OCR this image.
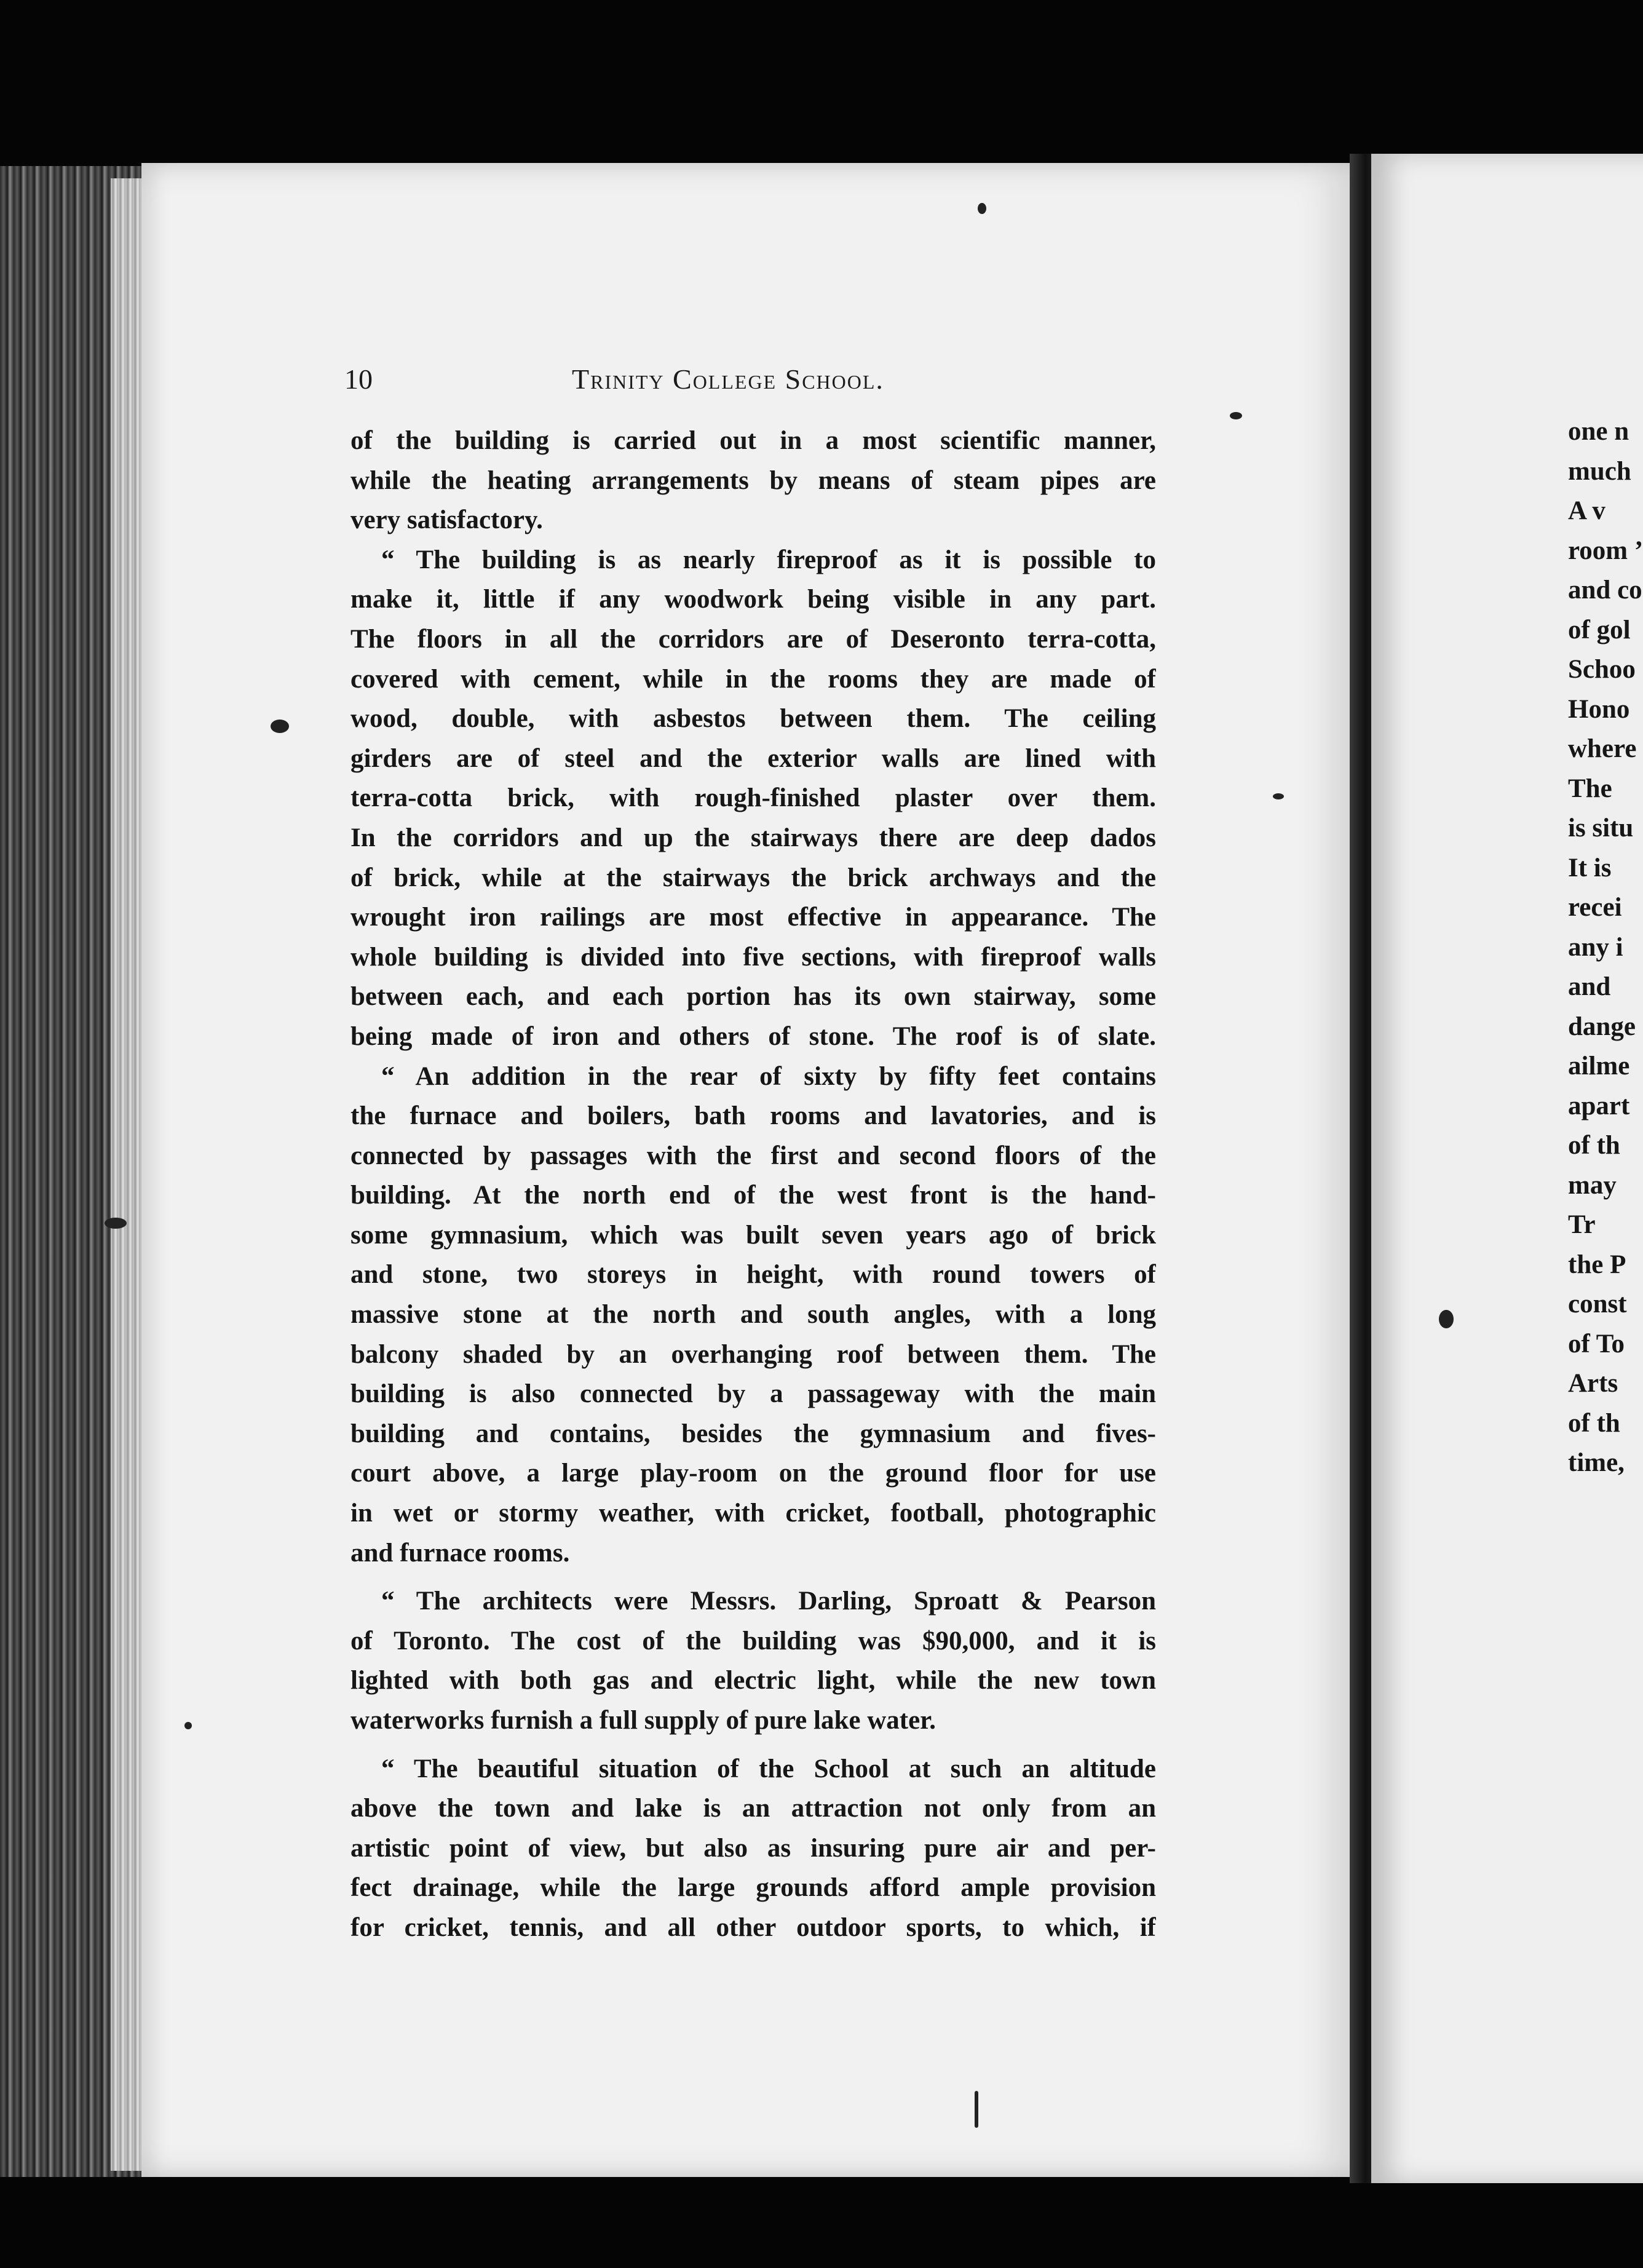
10	Trinity College School.
of the building is carried out in a most scientific manner,
while the heating arrangements by means of steam pipes are
very satisfactory.
“ The building is as nearly fireproof as it is possible to
make it, little if any woodwork being visible in any part.
The floors in all the corridors are of Deseronto terra-cotta,
covered with cement, while in the rooms they are made of
wood, double, with asbestos between them. The ceiling
girders are of steel and the exterior walls are lined with
terra-cotta brick, with rough-finished plaster over them.
In the corridors and up the stairways there are deep dados
of brick, while at the stairways the brick archways and the
wrought iron railings are most effective in appearance. The
whole building is divided into five sections, with fireproof walls
between each, and each portion has its own stairway, some
being made of iron and others of stone. The roof is of slate.
“ An addition in the rear of sixty by fifty feet contains
the furnace and boilers, bath rooms and lavatories, and is
connected by passages with the first and second floors of the
building. At the north end of the west front is the hand-
some gymnasium, which was built seven years ago of brick
and stone, two storeys in height, with round towers of
massive stone at the north and south angles, with a long
balcony shaded by an overhanging roof between them. The
building is also connected by a passageway with the main
building and contains, besides the gymnasium and fives-
court above, a large play-room on the ground floor for use
in wet or stormy weather, with cricket, football, photographic
and furnace rooms.
“ The architects were Messrs. Darling, Sproatt & Pearson
of Toronto. The cost of the building was $90,000, and it is
lighted with both gas and electric light, while the new town
waterworks furnish a full supply of pure lake water.
“ The beautiful situation of the School at such an altitude
above the town and lake is an attraction not only from an
artistic point of view, but also as insuring pure air and per-
fect drainage, while the large grounds afford ample provision
for cricket, tennis, and all other outdoor sports, to which, if
one n
much
A v
room ’
and co
of gol
Schoo
Hono
where
The
is situ
It is
recei
any i
and
dange
ailme
apart
of th
may
Tr
the P
const
of To
Arts
of th
time,
